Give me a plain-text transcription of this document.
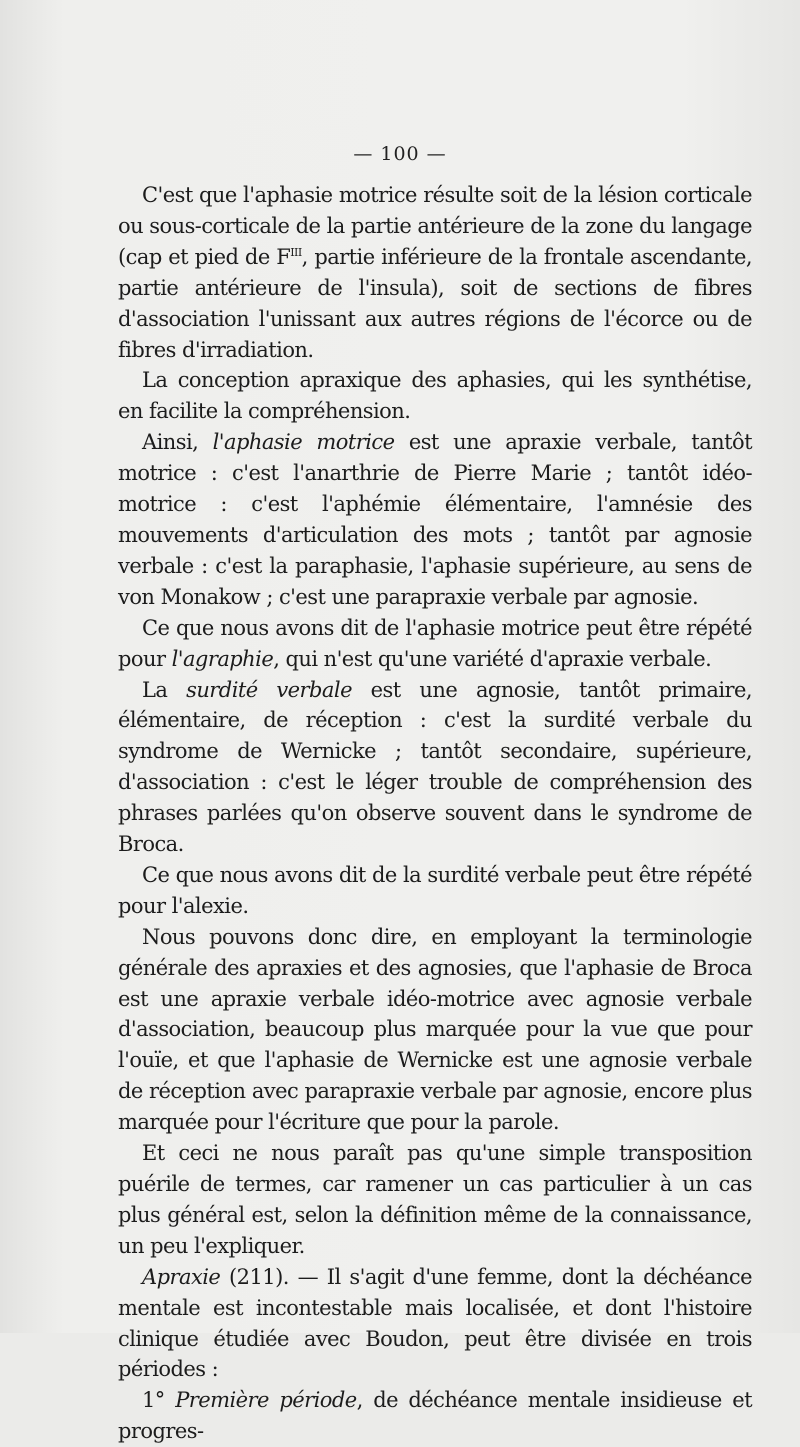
— 100 —

C'est que l'aphasie motrice résulte soit de la lésion corticale ou sous-corticale de la partie antérieure de la zone du langage (cap et pied de $F^{III}$, partie inférieure de la frontale ascendante, partie antérieure de l'insula), soit de sections de fibres d'association l'unissant aux autres régions de l'écorce ou de fibres d'irradiation.

La conception apraxique des aphasies, qui les synthétise, en facilite la compréhension.

Ainsi, l'aphasie motrice est une apraxie verbale, tantôt motrice : c'est l'anarthrie de Pierre Marie ; tantôt idéo-motrice : c'est l'aphémie élémentaire, l'amnésie des mouvements d'articulation des mots ; tantôt par agnosie verbale : c'est la paraphasie, l'aphasie supérieure, au sens de von Monakow ; c'est une parapraxie verbale par agnosie.

Ce que nous avons dit de l'aphasie motrice peut être répété pour l'agraphie, qui n'est qu'une variété d'apraxie verbale.

La surdité verbale est une agnosie, tantôt primaire, élémentaire, de réception : c'est la surdité verbale du syndrome de Wernicke ; tantôt secondaire, supérieure, d'association : c'est le léger trouble de compréhension des phrases parlées qu'on observe souvent dans le syndrome de Broca.

Ce que nous avons dit de la surdité verbale peut être répété pour l'alexie.

Nous pouvons donc dire, en employant la terminologie générale des apraxies et des agnosies, que l'aphasie de Broca est une apraxie verbale idéo-motrice avec agnosie verbale d'association, beaucoup plus marquée pour la vue que pour l'ouïe, et que l'aphasie de Wernicke est une agnosie verbale de réception avec parapraxie verbale par agnosie, encore plus marquée pour l'écriture que pour la parole.

Et ceci ne nous paraît pas qu'une simple transposition puérile de termes, car ramener un cas particulier à un cas plus général est, selon la définition même de la connaissance, un peu l'expliquer.

Apraxie (211). — Il s'agit d'une femme, dont la déchéance mentale est incontestable mais localisée, et dont l'histoire clinique étudiée avec Boudon, peut être divisée en trois périodes :

1° Première période, de déchéance mentale insidieuse et progres-
